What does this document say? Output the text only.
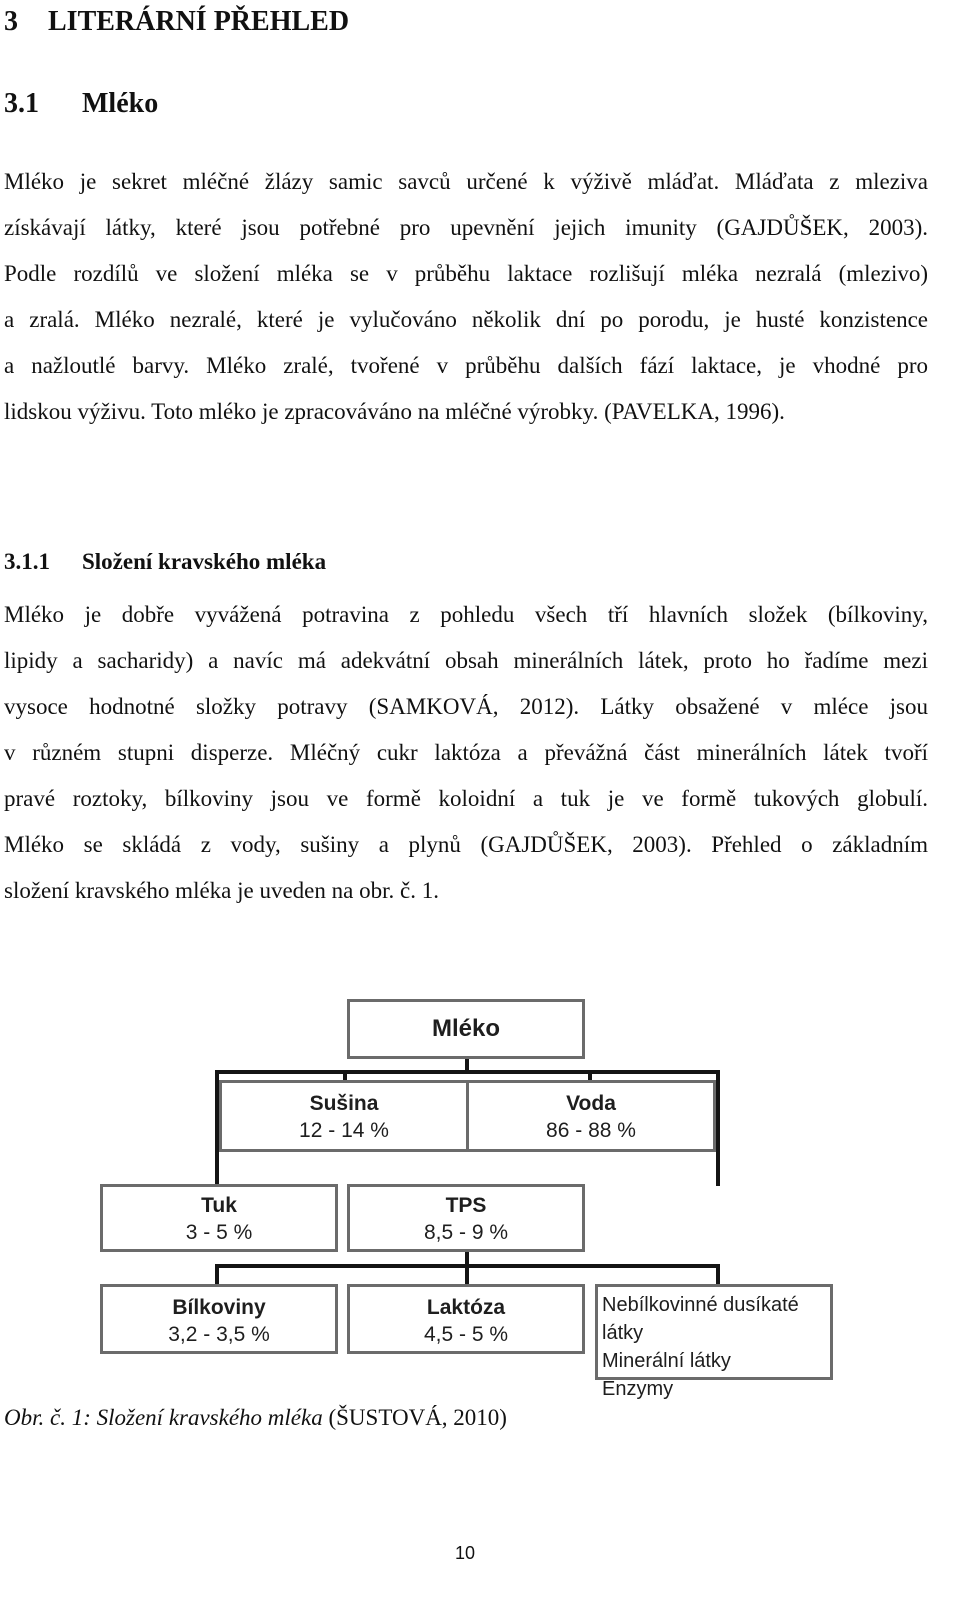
3 LITERÁRNÍ PŘEHLED
3.1 Mléko
Mléko je sekret mléčné žlázy samic savců určené k výživě mláďat. Mláďata z mleziva
získávají látky, které jsou potřebné pro upevnění jejich imunity (GAJDŮŠEK, 2003).
Podle rozdílů ve složení mléka se v průběhu laktace rozlišují mléka nezralá (mlezivo)
a zralá. Mléko nezralé, které je vylučováno několik dní po porodu, je husté konzistence
a nažloutlé barvy. Mléko zralé, tvořené v průběhu dalších fází laktace, je vhodné pro
lidskou výživu. Toto mléko je zpracováváno na mléčné výrobky. (PAVELKA, 1996).
3.1.1 Složení kravského mléka
Mléko je dobře vyvážená potravina z pohledu všech tří hlavních složek (bílkoviny,
lipidy a sacharidy) a navíc má adekvátní obsah minerálních látek, proto ho řadíme mezi
vysoce hodnotné složky potravy (SAMKOVÁ, 2012). Látky obsažené v mléce jsou
v různém stupni disperze. Mléčný cukr laktóza a převážná část minerálních látek tvoří
pravé roztoky, bílkoviny jsou ve formě koloidní a tuk je ve formě tukových globulí.
Mléko se skládá z vody, sušiny a plynů (GAJDŮŠEK, 2003). Přehled o základním
složení kravského mléka je uveden na obr. č. 1.
Mléko
Sušina
12 - 14 %
Voda
86 - 88 %
Tuk
3 - 5 %
TPS
8,5 - 9 %
Bílkoviny
3,2 - 3,5 %
Laktóza
4,5 - 5 %
Nebílkovinné dusíkaté látky
Minerální látky
Enzymy
Obr. č. 1: Složení kravského mléka (ŠUSTOVÁ, 2010)
10
